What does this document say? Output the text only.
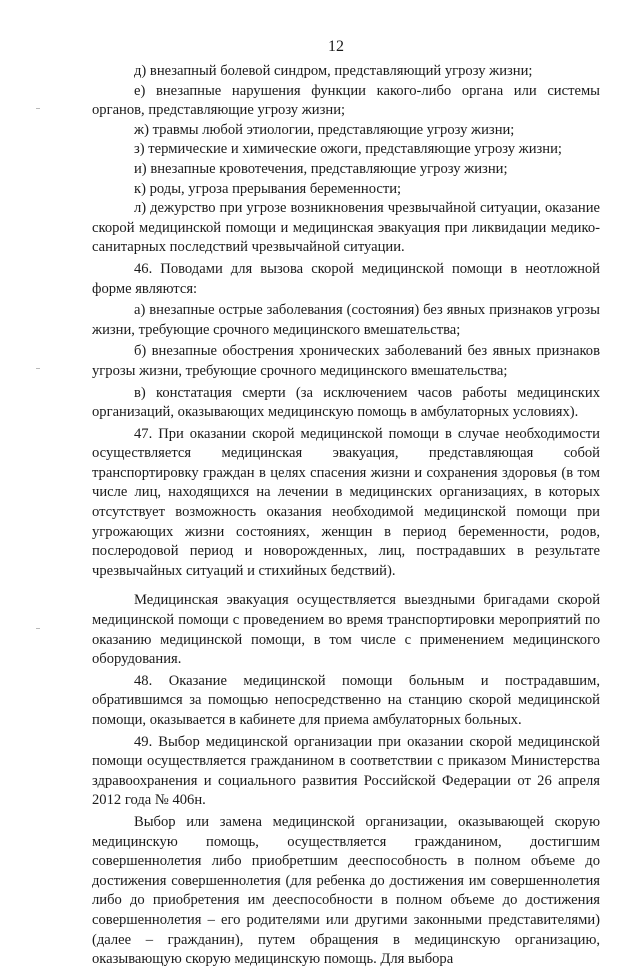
12

д) внезапный болевой синдром, представляющий угрозу жизни;

е) внезапные нарушения функции какого-либо органа или системы органов, представляющие угрозу жизни;

ж) травмы любой этиологии, представляющие угрозу жизни;

з) термические и химические ожоги, представляющие угрозу жизни;

и) внезапные кровотечения, представляющие угрозу жизни;

к) роды, угроза прерывания беременности;

л) дежурство при угрозе возникновения чрезвычайной ситуации, оказание скорой медицинской помощи и медицинская эвакуация при ликвидации медико-санитарных последствий чрезвычайной ситуации.

46. Поводами для вызова скорой медицинской помощи в неотложной форме являются:

а) внезапные острые заболевания (состояния) без явных признаков угрозы жизни, требующие срочного медицинского вмешательства;

б) внезапные обострения хронических заболеваний без явных признаков угрозы жизни, требующие срочного медицинского вмешательства;

в) констатация смерти (за исключением часов работы медицинских организаций, оказывающих медицинскую помощь в амбулаторных условиях).

47. При оказании скорой медицинской помощи в случае необходимости осуществляется медицинская эвакуация, представляющая собой транспортировку граждан в целях спасения жизни и сохранения здоровья (в том числе лиц, находящихся на лечении в медицинских организациях, в которых отсутствует возможность оказания необходимой медицинской помощи при угрожающих жизни состояниях, женщин в период беременности, родов, послеродовой период и новорожденных, лиц, пострадавших в результате чрезвычайных ситуаций и стихийных бедствий).

Медицинская эвакуация осуществляется выездными бригадами скорой медицинской помощи с проведением во время транспортировки мероприятий по оказанию медицинской помощи, в том числе с применением медицинского оборудования.

48. Оказание медицинской помощи больным и пострадавшим, обратившимся за помощью непосредственно на станцию скорой медицинской помощи, оказывается в кабинете для приема амбулаторных больных.

49. Выбор медицинской организации при оказании скорой медицинской помощи осуществляется гражданином в соответствии с приказом Министерства здравоохранения и социального развития Российской Федерации от 26 апреля 2012 года № 406н.

Выбор или замена медицинской организации, оказывающей скорую медицинскую помощь, осуществляется гражданином, достигшим совершеннолетия либо приобретшим дееспособность в полном объеме до достижения совершеннолетия (для ребенка до достижения им совершеннолетия либо до приобретения им дееспособности в полном объеме до достижения совершеннолетия – его родителями или другими законными представителями) (далее – гражданин), путем обращения в медицинскую организацию, оказывающую скорую медицинскую помощь. Для выбора
